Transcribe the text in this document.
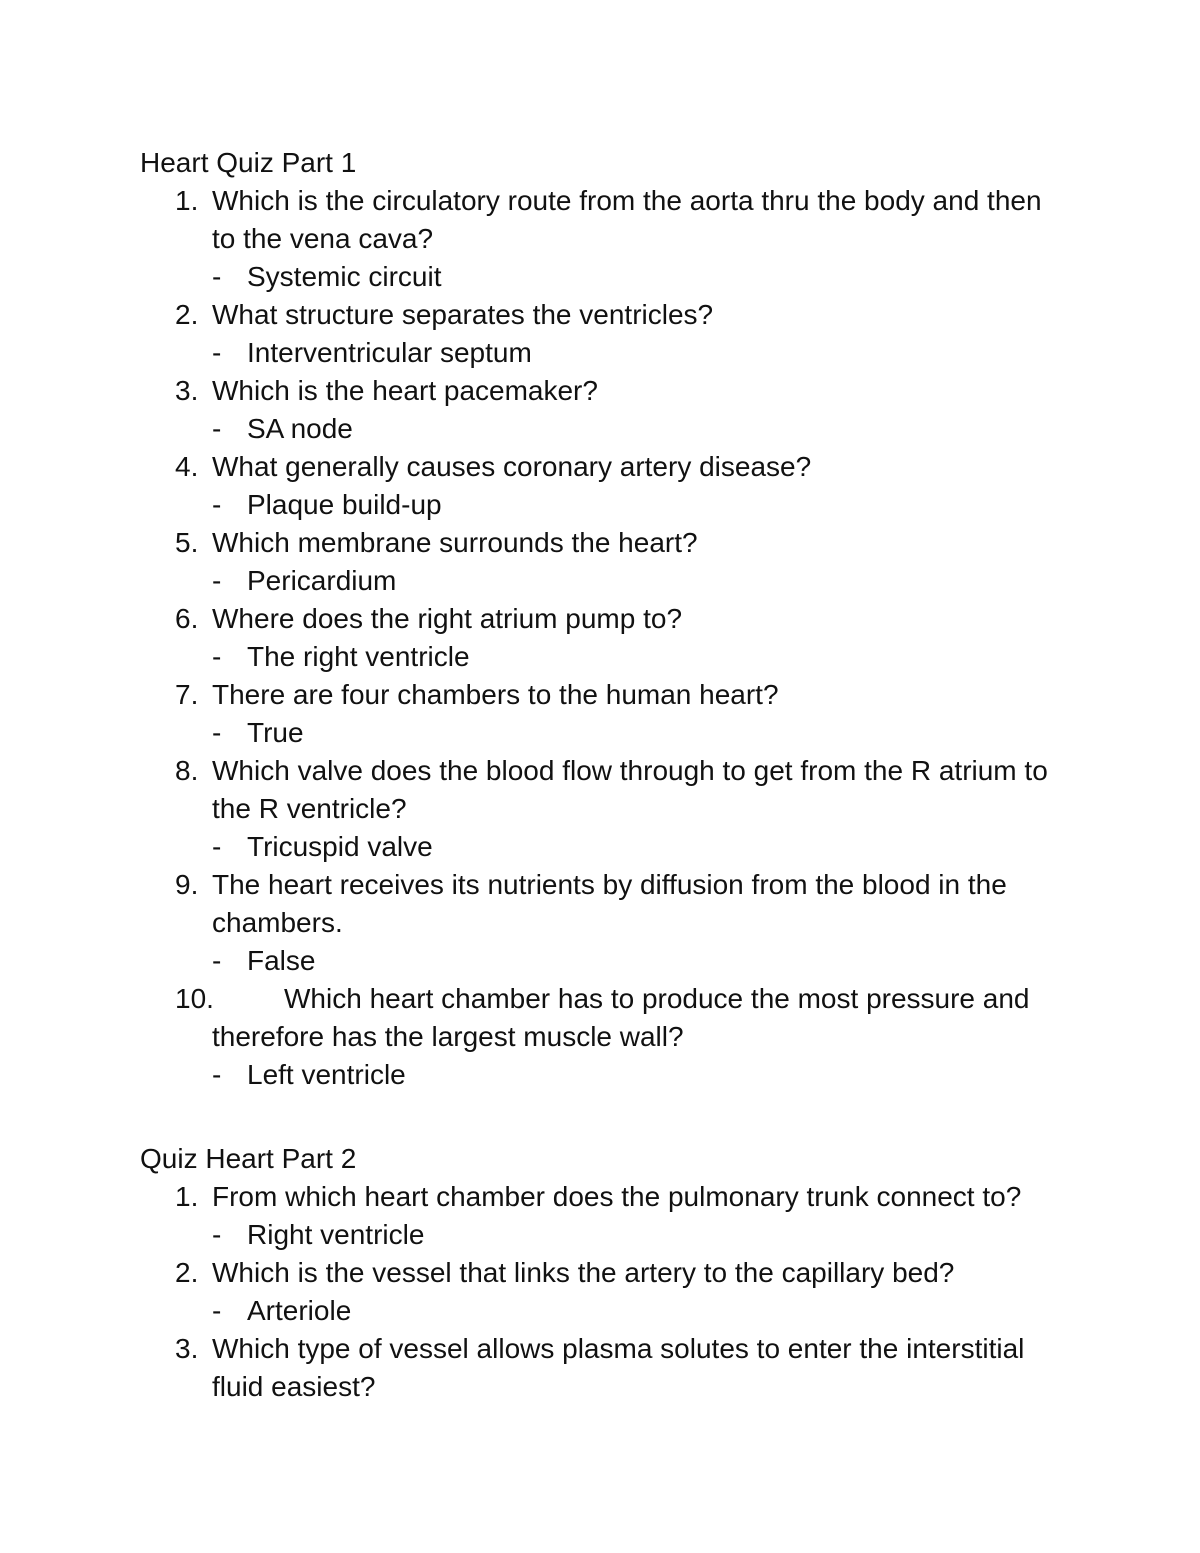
Heart Quiz Part 1
1. Which is the circulatory route from the aorta thru the body and then to the vena cava?
- Systemic circuit
2. What structure separates the ventricles?
- Interventricular septum
3. Which is the heart pacemaker?
- SA node
4. What generally causes coronary artery disease?
- Plaque build-up
5. Which membrane surrounds the heart?
- Pericardium
6. Where does the right atrium pump to?
- The right ventricle
7. There are four chambers to the human heart?
- True
8. Which valve does the blood flow through to get from the R atrium to the R ventricle?
- Tricuspid valve
9. The heart receives its nutrients by diffusion from the blood in the chambers.
- False
10.	Which heart chamber has to produce the most pressure and therefore has the largest muscle wall?
- Left ventricle
Quiz Heart Part 2
1. From which heart chamber does the pulmonary trunk connect to?
- Right ventricle
2. Which is the vessel that links the artery to the capillary bed?
- Arteriole
3. Which type of vessel allows plasma solutes to enter the interstitial fluid easiest?
